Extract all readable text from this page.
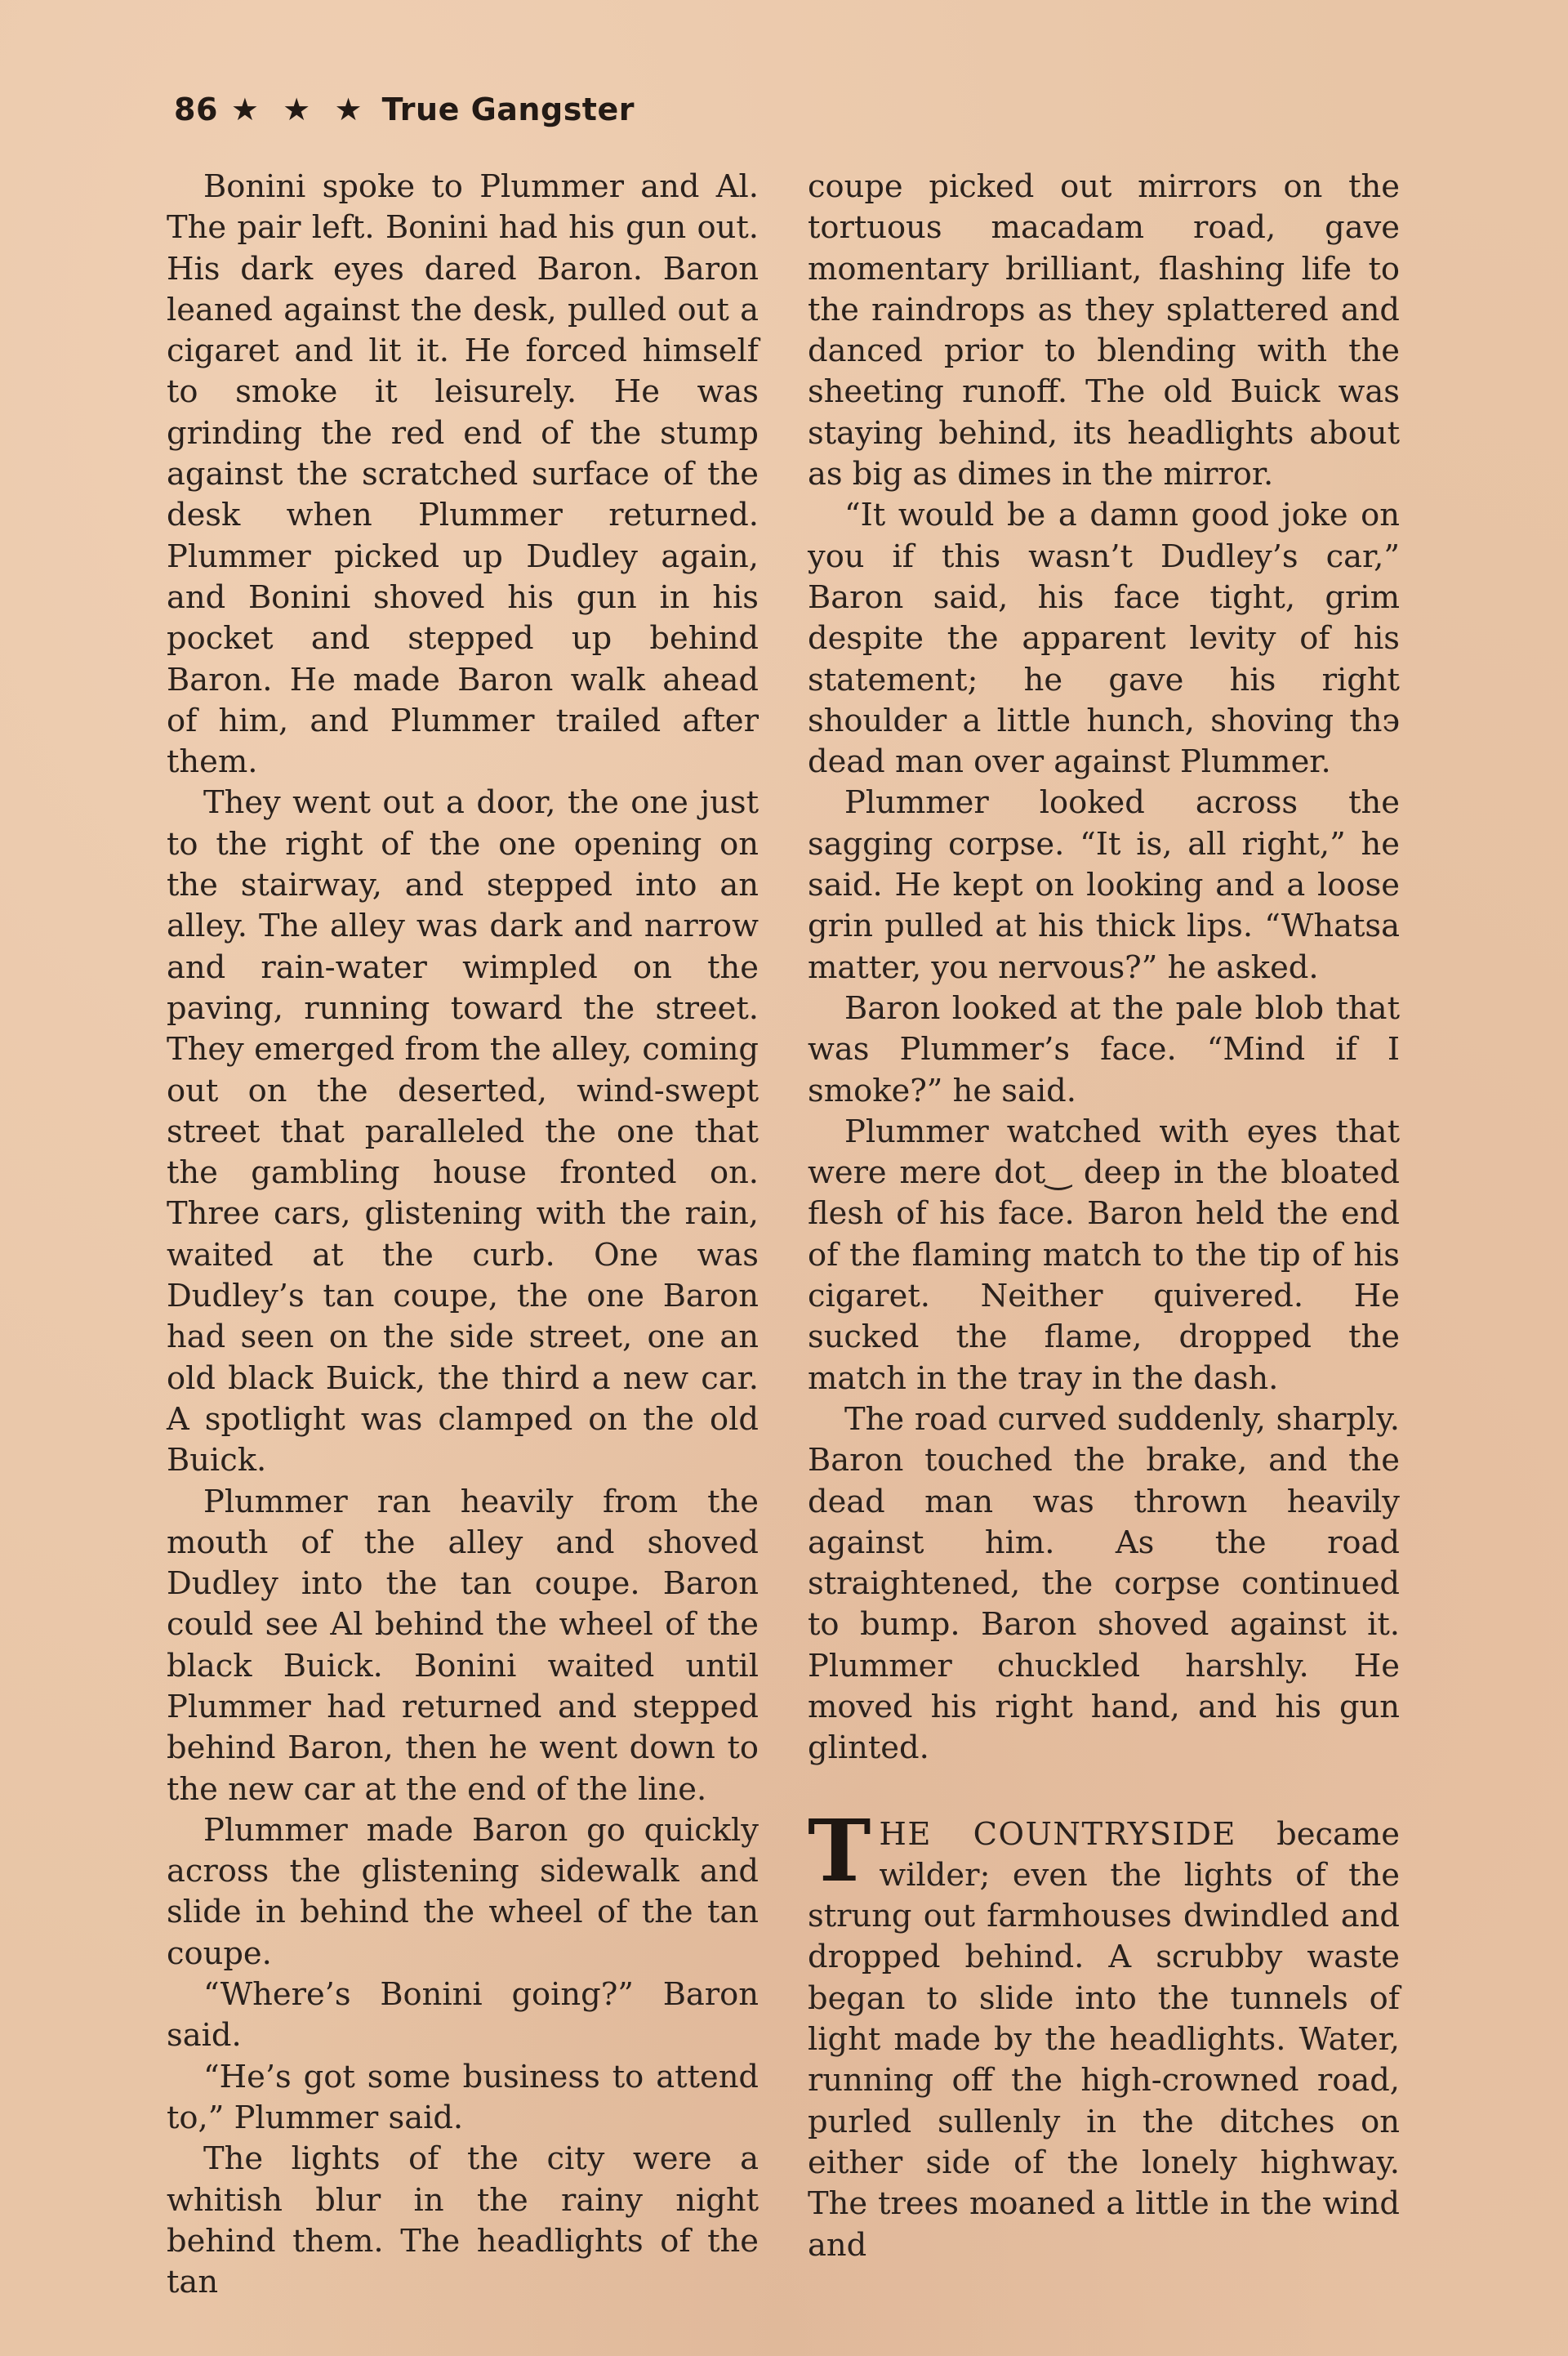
86 ★ ★ ★ True Gangster

Bonini spoke to Plummer and Al. The pair left. Bonini had his gun out. His dark eyes dared Baron. Baron leaned against the desk, pulled out a cigaret and lit it. He forced himself to smoke it leisurely. He was grinding the red end of the stump against the scratched surface of the desk when Plummer returned. Plummer picked up Dudley again, and Bonini shoved his gun in his pocket and stepped up behind Baron. He made Baron walk ahead of him, and Plummer trailed after them.

They went out a door, the one just to the right of the one opening on the stairway, and stepped into an alley. The alley was dark and narrow and rain-water wimpled on the paving, running toward the street. They emerged from the alley, coming out on the deserted, wind-swept street that paralleled the one that the gambling house fronted on. Three cars, glistening with the rain, waited at the curb. One was Dudley’s tan coupe, the one Baron had seen on the side street, one an old black Buick, the third a new car. A spotlight was clamped on the old Buick.

Plummer ran heavily from the mouth of the alley and shoved Dudley into the tan coupe. Baron could see Al behind the wheel of the black Buick. Bonini waited until Plummer had returned and stepped behind Baron, then he went down to the new car at the end of the line.

Plummer made Baron go quickly across the glistening sidewalk and slide in behind the wheel of the tan coupe.

“Where’s Bonini going?” Baron said.

“He’s got some business to attend to,” Plummer said.

The lights of the city were a whitish blur in the rainy night behind them. The headlights of the tan

coupe picked out mirrors on the tortuous macadam road, gave momentary brilliant, flashing life to the raindrops as they splattered and danced prior to blending with the sheeting runoff. The old Buick was staying behind, its headlights about as big as dimes in the mirror.

“It would be a damn good joke on you if this wasn’t Dudley’s car,” Baron said, his face tight, grim despite the apparent levity of his statement; he gave his right shoulder a little hunch, shoving th϶ dead man over against Plummer.

Plummer looked across the sagging corpse. “It is, all right,” he said. He kept on looking and a loose grin pulled at his thick lips. “Whatsa matter, you nervous?” he asked.

Baron looked at the pale blob that was Plummer’s face. “Mind if I smoke?” he said.

Plummer watched with eyes that were mere dot‿ deep in the bloated flesh of his face. Baron held the end of the flaming match to the tip of his cigaret. Neither quivered. He sucked the flame, dropped the match in the tray in the dash.

The road curved suddenly, sharply. Baron touched the brake, and the dead man was thrown heavily against him. As the road straightened, the corpse continued to bump. Baron shoved against it. Plummer chuckled harshly. He moved his right hand, and his gun glinted.

THE COUNTRYSIDE became wilder; even the lights of the strung out farmhouses dwindled and dropped behind. A scrubby waste began to slide into the tunnels of light made by the headlights. Water, running off the high-crowned road, purled sullenly in the ditches on either side of the lonely highway. The trees moaned a little in the wind and
